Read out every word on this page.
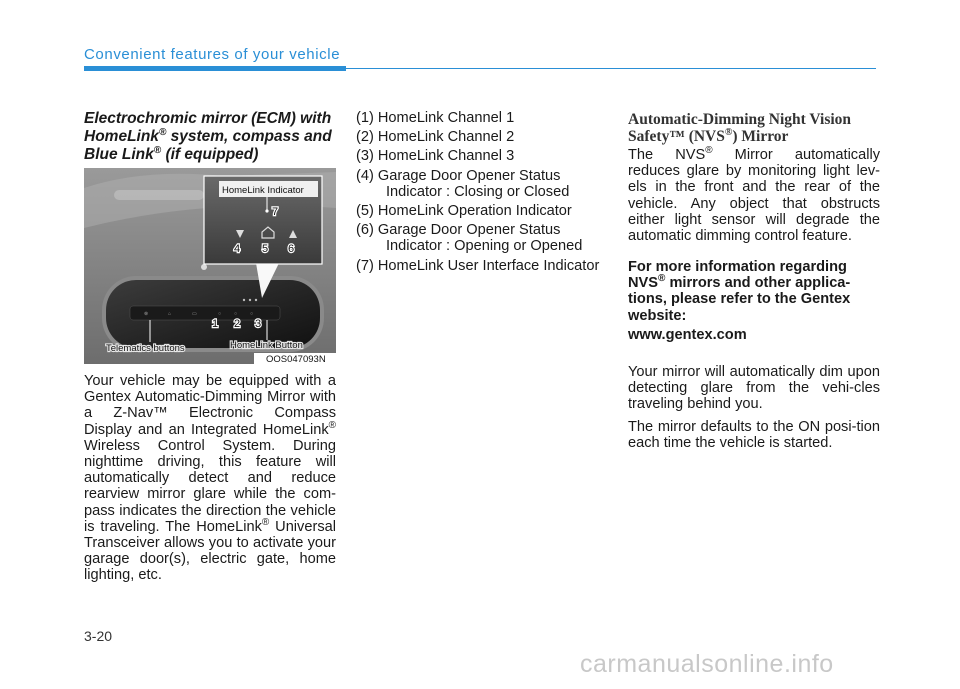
Convenient features of your vehicle
Electrochromic mirror (ECM) with
HomeLink® system, compass and
Blue Link® (if equipped)
⊗	⌂	▭	○	○	○
HomeLink Indicator
7
4 5 6
1 2 3
Telematics buttons	HomeLink Button
OOS047093N
Your vehicle may be equipped with a Gentex Automatic-Dimming Mirror with a Z-Nav™ Electronic Compass Display and an Integrated HomeLink® Wireless Control System. During nighttime driving, this feature will automatically detect and reduce rearview mirror glare while the com-pass indicates the direction the vehicle is traveling. The HomeLink® Universal Transceiver allows you to activate your garage door(s), electric gate, home lighting, etc.
(1) HomeLink Channel 1
(2) HomeLink Channel 2
(3) HomeLink Channel 3
(4) Garage Door Opener Status
Indicator : Closing or Closed
(5) HomeLink Operation Indicator
(6) Garage Door Opener Status
Indicator : Opening or Opened
(7) HomeLink User Interface Indicator
Automatic-Dimming Night Vision Safety™ (NVS®) Mirror
The NVS® Mirror automatically reduces glare by monitoring light lev-els in the front and the rear of the vehicle. Any object that obstructs either light sensor will degrade the automatic dimming control feature.
For more information regarding NVS® mirrors and other applica-tions, please refer to the Gentex website:
www.gentex.com
Your mirror will automatically dim upon detecting glare from the vehi-cles traveling behind you.
The mirror defaults to the ON posi-tion each time the vehicle is started.
3-20
carmanualsonline.info
